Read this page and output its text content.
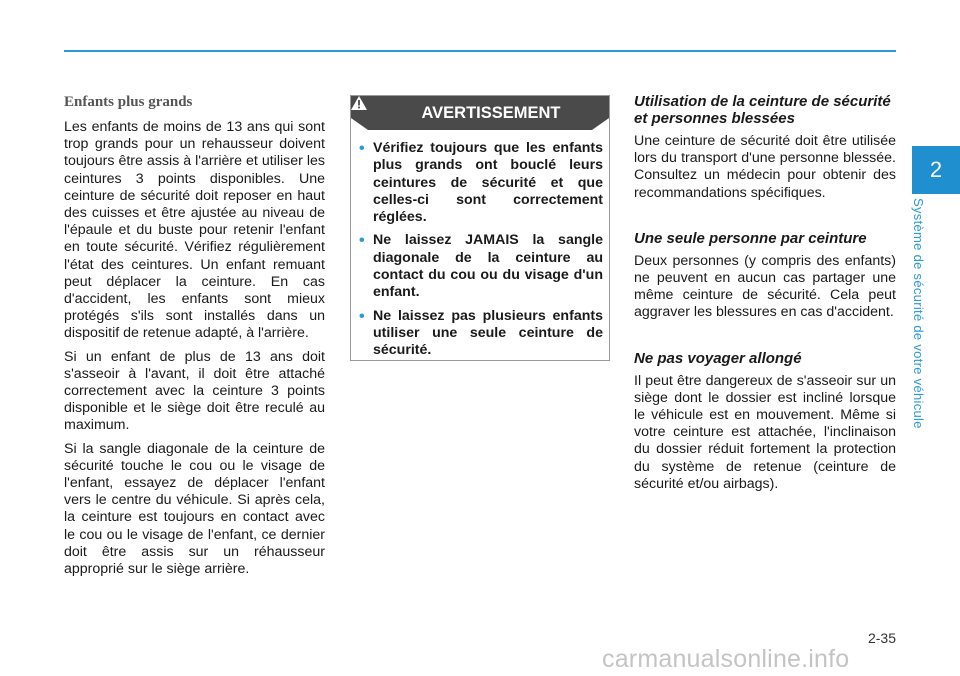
2
Système de sécurité de votre véhicule
Enfants plus grands

Les enfants de moins de 13 ans qui sont trop grands pour un rehausseur doivent toujours être assis à l'arrière et utiliser les ceintures 3 points disponibles. Une ceinture de sécurité doit reposer en haut des cuisses et être ajustée au niveau de l'épaule et du buste pour retenir l'enfant en toute sécurité. Vérifiez régulièrement l'état des ceintures. Un enfant remuant peut déplacer la ceinture. En cas d'accident, les enfants sont mieux protégés s'ils sont installés dans un dispositif de retenue adapté, à l'arrière.

Si un enfant de plus de 13 ans doit s'asseoir à l'avant, il doit être attaché correctement avec la ceinture 3 points disponible et le siège doit être reculé au maximum.

Si la sangle diagonale de la ceinture de sécurité touche le cou ou le visage de l'enfant, essayez de déplacer l'enfant vers le centre du véhicule. Si après cela, la ceinture est toujours en contact avec le cou ou le visage de l'enfant, ce dernier doit être assis sur un réhausseur approprié sur le siège arrière.

AVERTISSEMENT
• Vérifiez toujours que les enfants plus grands ont bouclé leurs ceintures de sécurité et que celles-ci sont correctement réglées.
• Ne laissez JAMAIS la sangle diagonale de la ceinture au contact du cou ou du visage d'un enfant.
• Ne laissez pas plusieurs enfants utiliser une seule ceinture de sécurité.
Utilisation de la ceinture de sécurité et personnes blessées

Une ceinture de sécurité doit être utilisée lors du transport d'une personne blessée. Consultez un médecin pour obtenir des recommandations spécifiques.

Une seule personne par ceinture

Deux personnes (y compris des enfants) ne peuvent en aucun cas partager une même ceinture de sécurité. Cela peut aggraver les blessures en cas d'accident.

Ne pas voyager allongé

Il peut être dangereux de s'asseoir sur un siège dont le dossier est incliné lorsque le véhicule est en mouvement. Même si votre ceinture est attachée, l'inclinaison du dossier réduit fortement la protection du système de retenue (ceinture de sécurité et/ou airbags).

2-35
carmanualsonline.info
